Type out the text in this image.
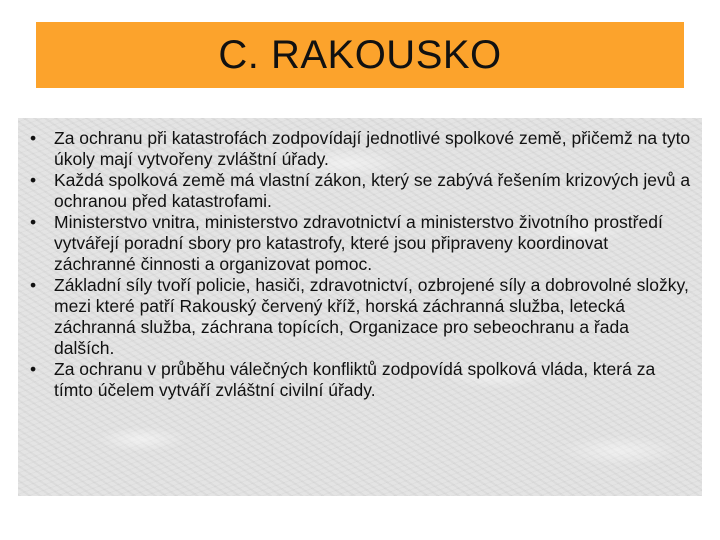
C. RAKOUSKO
• Za ochranu při katastrofách zodpovídají jednotlivé spolkové země, přičemž na tyto úkoly mají vytvořeny zvláštní úřady.
• Každá spolková země má vlastní zákon, který se zabývá řešením krizových jevů a ochranou před katastrofami.
• Ministerstvo vnitra, ministerstvo zdravotnictví a ministerstvo životního prostředí vytvářejí poradní sbory pro katastrofy, které jsou připraveny koordinovat záchranné činnosti a organizovat pomoc.
• Základní síly tvoří policie, hasiči, zdravotnictví, ozbrojené síly a dobrovolné složky, mezi které patří Rakouský červený kříž, horská záchranná služba, letecká záchranná služba, záchrana topících, Organizace pro sebeochranu a řada dalších.
• Za ochranu v průběhu válečných konfliktů zodpovídá spolková vláda, která za tímto účelem vytváří zvláštní civilní úřady.
